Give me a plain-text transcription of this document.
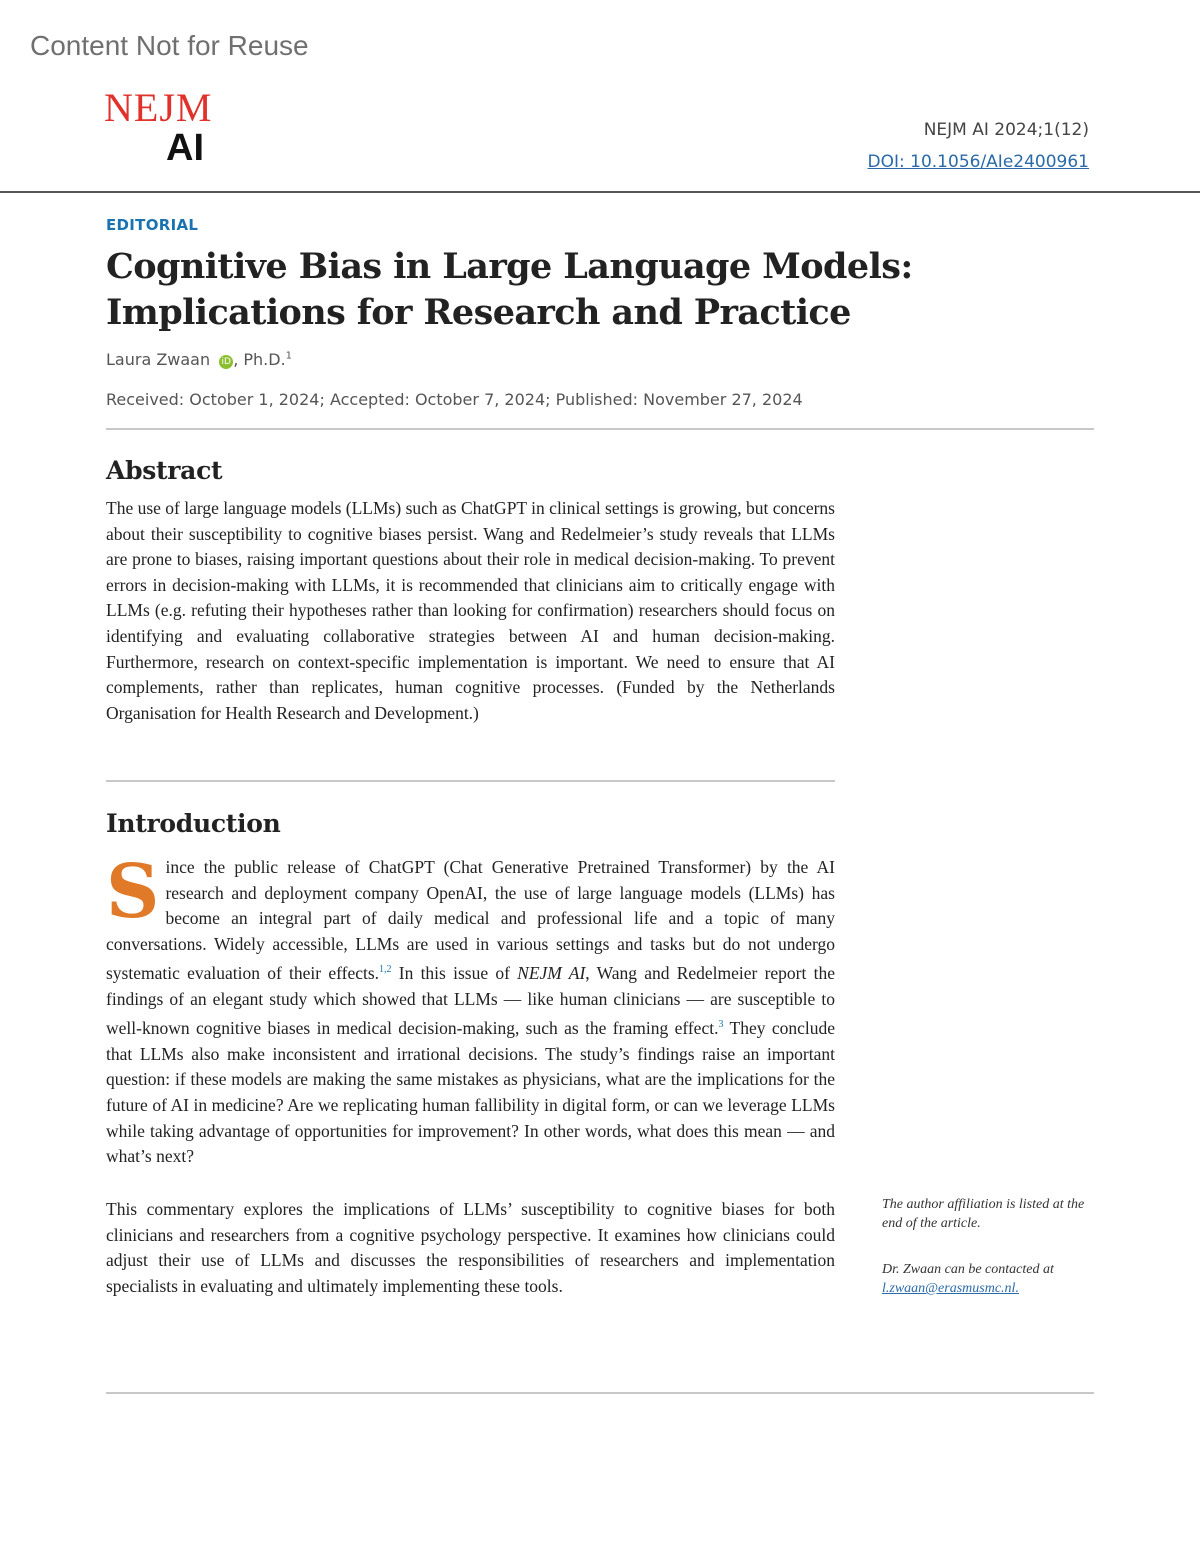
Content Not for Reuse
NEJM
AI	NEJM AI 2024;1(12)
DOI: 10.1056/AIe2400961
EDITORIAL
Cognitive Bias in Large Language Models: Implications for Research and Practice
Laura Zwaan iD , Ph.D.$^1$
Received: October 1, 2024; Accepted: October 7, 2024; Published: November 27, 2024
Abstract

The use of large language models (LLMs) such as ChatGPT in clinical settings is growing, but concerns about their susceptibility to cognitive biases persist. Wang and Redelmeier’s study reveals that LLMs are prone to biases, raising important questions about their role in medical decision-making. To prevent errors in decision-making with LLMs, it is recommended that clinicians aim to critically engage with LLMs (e.g. refuting their hypotheses rather than looking for confirmation) researchers should focus on identifying and evaluating collaborative strategies between AI and human decision-making. Furthermore, research on context-specific implementation is important. We need to ensure that AI complements, rather than replicates, human cognitive processes. (Funded by the Netherlands Organisation for Health Research and Development.)

Introduction

Since the public release of ChatGPT (Chat Generative Pretrained Transformer) by the AI research and deployment company OpenAI, the use of large language models (LLMs) has become an integral part of daily medical and professional life and a topic of many conversations. Widely accessible, LLMs are used in various settings and tasks but do not undergo systematic evaluation of their effects.$^{1,2}$ In this issue of NEJM AI, Wang and Redelmeier report the findings of an elegant study which showed that LLMs — like human clinicians — are susceptible to well-known cognitive biases in medical decision-making, such as the framing effect.$^3$ They conclude that LLMs also make inconsistent and irrational decisions. The study’s findings raise an important question: if these models are making the same mistakes as physicians, what are the implications for the future of AI in medicine? Are we replicating human fallibility in digital form, or can we leverage LLMs while taking advantage of opportunities for improvement? In other words, what does this mean — and what’s next?

This commentary explores the implications of LLMs’ susceptibility to cognitive biases for both clinicians and researchers from a cognitive psychology perspective. It examines how clinicians could adjust their use of LLMs and discusses the responsibilities of researchers and implementation specialists in evaluating and ultimately implementing these tools.

The author affiliation is listed at the end of the article.
Dr. Zwaan can be contacted at
l.zwaan@erasmusmc.nl.
